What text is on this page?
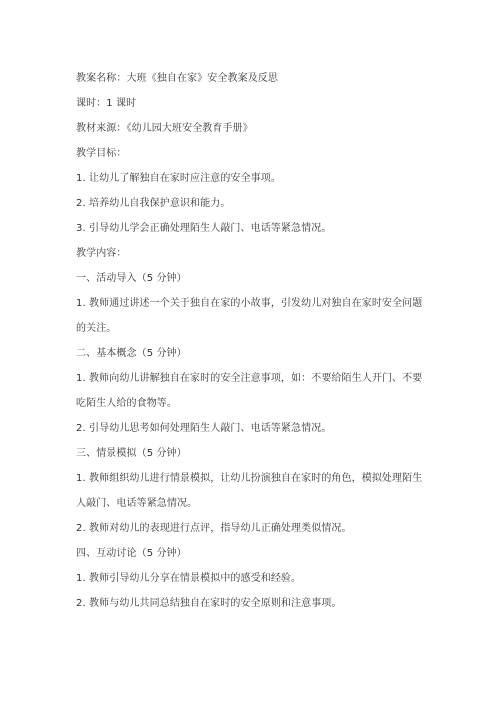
教案名称：大班《独自在家》安全教案及反思
课时：1 课时
教材来源：《幼儿园大班安全教育手册》
教学目标：
1. 让幼儿了解独自在家时应注意的安全事项。
2. 培养幼儿自我保护意识和能力。
3. 引导幼儿学会正确处理陌生人敲门、电话等紧急情况。
教学内容：
一、活动导入（5 分钟）
1. 教师通过讲述一个关于独自在家的小故事，引发幼儿对独自在家时安全问题
的关注。
二、基本概念（5 分钟）
1. 教师向幼儿讲解独自在家时的安全注意事项，如：不要给陌生人开门、不要
吃陌生人给的食物等。
2. 引导幼儿思考如何处理陌生人敲门、电话等紧急情况。
三、情景模拟（5 分钟）
1. 教师组织幼儿进行情景模拟，让幼儿扮演独自在家时的角色，模拟处理陌生
人敲门、电话等紧急情况。
2. 教师对幼儿的表现进行点评，指导幼儿正确处理类似情况。
四、互动讨论（5 分钟）
1. 教师引导幼儿分享在情景模拟中的感受和经验。
2. 教师与幼儿共同总结独自在家时的安全原则和注意事项。
